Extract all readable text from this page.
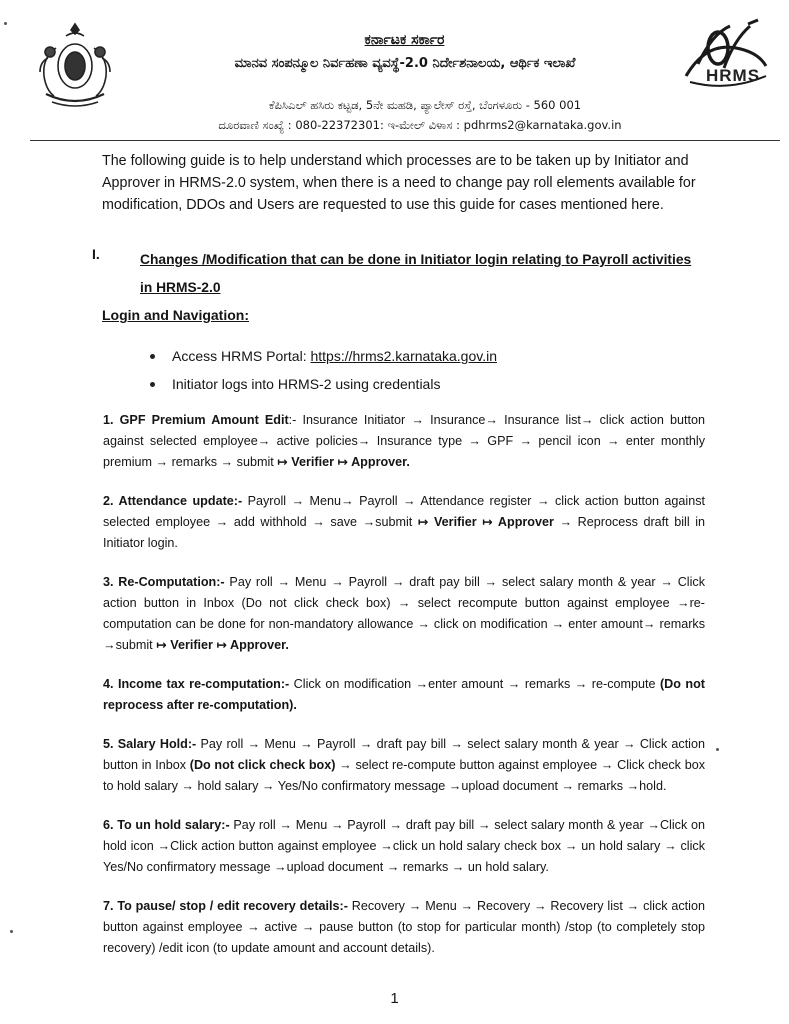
HRMS
ಕರ್ನಾಟಕ ಸರ್ಕಾರ
ಮಾನವ ಸಂಪನ್ಮೂಲ ನಿರ್ವಹಣಾ ವ್ಯವಸ್ಥೆ-2.0 ನಿರ್ದೇಶನಾಲಯ, ಆರ್ಥಿಕ ಇಲಾಖೆ
ಕೆಪಿಸಿಎಲ್ ಹಸಿರು ಕಟ್ಟಡ, 5ನೇ ಮಹಡಿ, ಪ್ಯಾಲೇಸ್ ರಸ್ತೆ, ಬೆಂಗಳೂರು - 560 001
ದೂರವಾಣಿ ಸಂಖ್ಯೆ : 080-22372301: ಇ-ಮೇಲ್ ವಿಳಾಸ : pdhrms2@karnataka.gov.in

The following guide is to help understand which processes are to be taken up by Initiator and Approver in HRMS-2.0 system, when there is a need to change pay roll elements available for modification, DDOs and Users are requested to use this guide for cases mentioned here.

I.	Changes /Modification that can be done in Initiator login relating to Payroll activities in HRMS-2.0
Login and Navigation:
Access HRMS Portal: https://hrms2.karnataka.gov.in
Initiator logs into HRMS-2 using credentials

1. GPF Premium Amount Edit:- Insurance Initiator → Insurance→ Insurance list→ click action button against selected employee→ active policies→ Insurance type → GPF → pencil icon → enter monthly premium → remarks → submit ↦ Verifier ↦ Approver.

2. Attendance update:- Payroll → Menu→ Payroll → Attendance register → click action button against selected employee → add withhold → save →submit ↦ Verifier ↦ Approver → Reprocess draft bill in Initiator login.

3. Re-Computation:- Pay roll → Menu → Payroll → draft pay bill → select salary month & year → Click action button in Inbox (Do not click check box) → select recompute button against employee →re-computation can be done for non-mandatory allowance → click on modification → enter amount→ remarks →submit ↦ Verifier ↦ Approver.

4. Income tax re-computation:- Click on modification →enter amount → remarks → re-compute (Do not reprocess after re-computation).

5. Salary Hold:- Pay roll → Menu → Payroll → draft pay bill → select salary month & year → Click action button in Inbox (Do not click check box) → select re-compute button against employee → Click check box to hold salary → hold salary → Yes/No confirmatory message →upload document → remarks →hold.

6. To un hold salary:- Pay roll → Menu → Payroll → draft pay bill → select salary month & year →Click on hold icon →Click action button against employee →click un hold salary check box → un hold salary → click Yes/No confirmatory message →upload document → remarks → un hold salary.

7. To pause/ stop / edit recovery details:- Recovery → Menu → Recovery → Recovery list → click action button against employee → active → pause button (to stop for particular month) /stop (to completely stop recovery) /edit icon (to update amount and account details).

1
